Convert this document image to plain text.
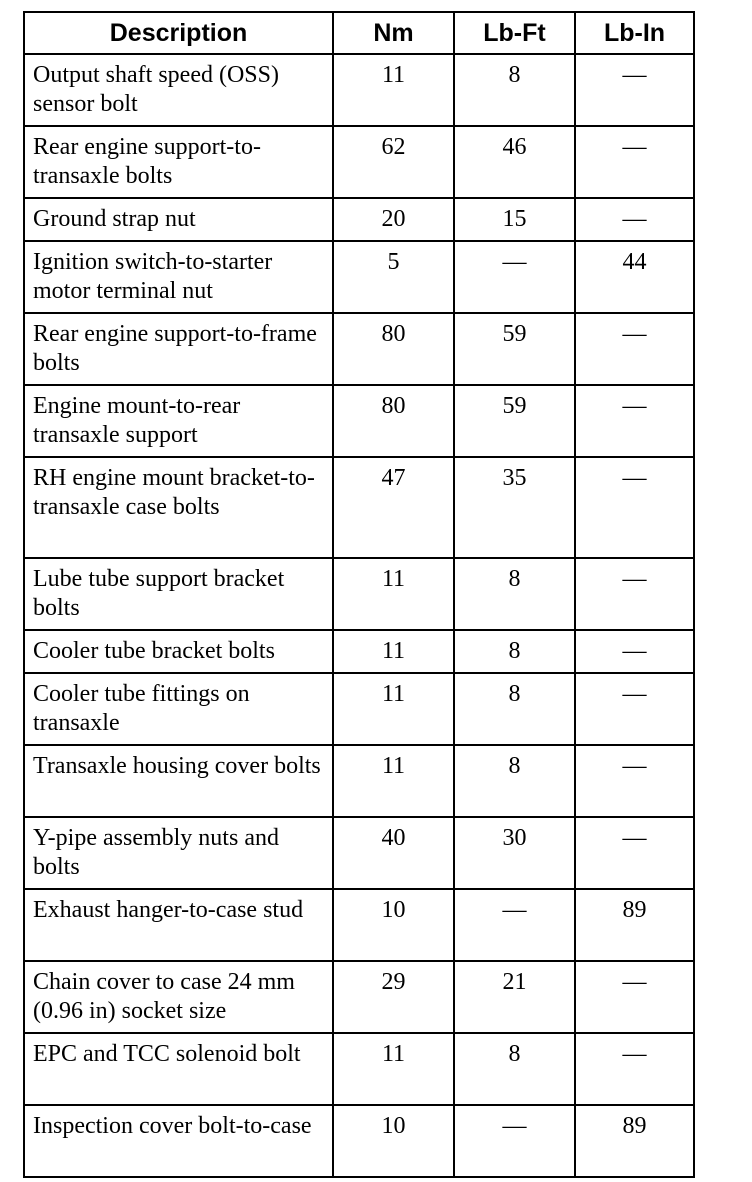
Description	Nm	Lb-Ft	Lb-In
Output shaft speed (OSS) sensor bolt	11	8	—
Rear engine support-to-transaxle bolts	62	46	—
Ground strap nut	20	15	—
Ignition switch-to-starter motor terminal nut	5	—	44
Rear engine support-to-frame bolts	80	59	—
Engine mount-to-rear transaxle support	80	59	—
RH engine mount bracket-to-transaxle case bolts	47	35	—
Lube tube support bracket bolts	11	8	—
Cooler tube bracket bolts	11	8	—
Cooler tube fittings on transaxle	11	8	—
Transaxle housing cover bolts	11	8	—
Y-pipe assembly nuts and bolts	40	30	—
Exhaust hanger-to-case stud	10	—	89
Chain cover to case 24 mm (0.96 in) socket size	29	21	—
EPC and TCC solenoid bolt	11	8	—
Inspection cover bolt-to-case	10	—	89
